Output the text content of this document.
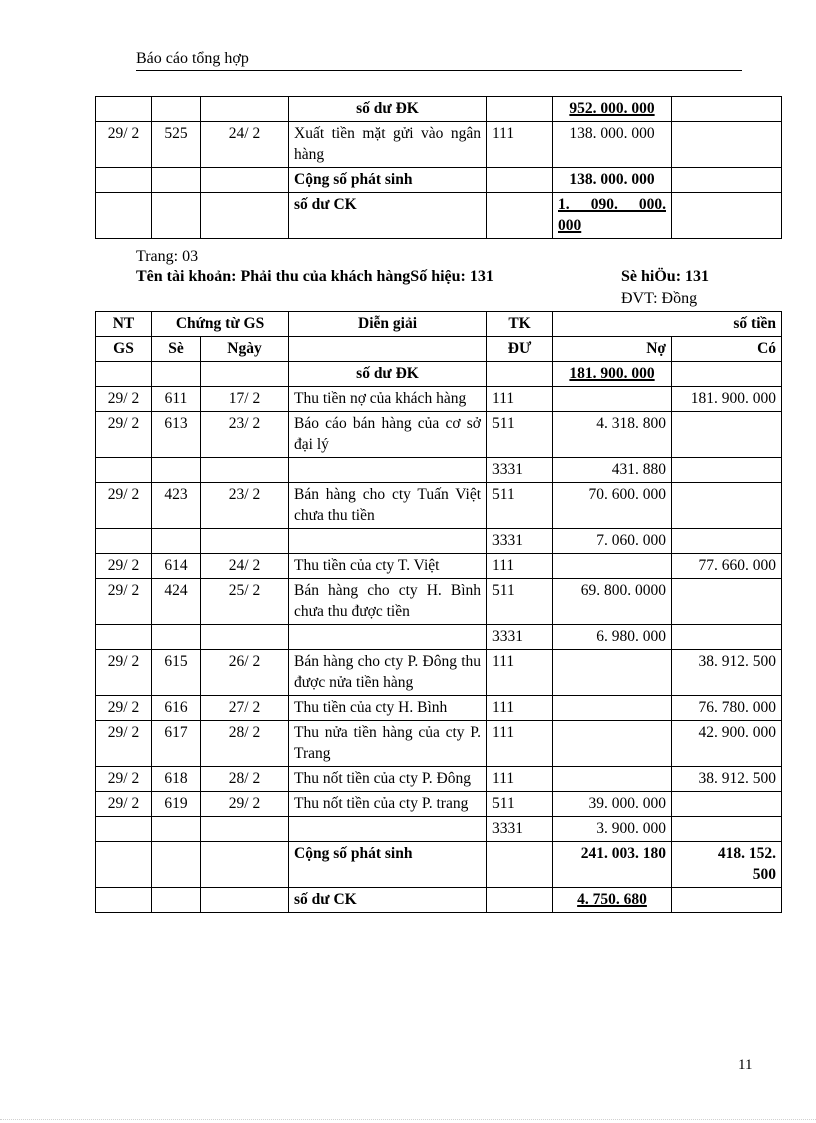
Báo cáo tổng hợp
			số dư ĐK		952. 000. 000	
29/ 2	525	24/ 2	Xuất tiền mặt gửi vào ngân hàng	111	138. 000. 000	
			Cộng số phát sinh		138. 000. 000	
			số dư CK		1. 090. 000. 000	
Trang: 03
Tên tài khoản: Phải thu của khách hàngSố hiệu: 131	Sè hiÖu: 131
ĐVT: Đồng
NT	Chứng từ GS		Diễn giải	TK	số tiền	
GS	Sè	Ngày		ĐƯ	Nợ	Có
			số dư ĐK		181. 900. 000	
29/ 2	611	17/ 2	Thu tiền nợ của khách hàng	111		181. 900. 000
29/ 2	613	23/ 2	Báo cáo bán hàng của cơ sở đại lý	511	4. 318. 800	
				3331	431. 880	
29/ 2	423	23/ 2	Bán hàng cho cty Tuấn Việt chưa thu tiền	511	70. 600. 000	
				3331	7. 060. 000	
29/ 2	614	24/ 2	Thu tiền của cty T. Việt	111		77. 660. 000
29/ 2	424	25/ 2	Bán hàng cho cty H. Bình chưa thu được tiền	511	69. 800. 0000	
				3331	6. 980. 000	
29/ 2	615	26/ 2	Bán hàng cho cty P. Đông thu được nửa tiền hàng	111		38. 912. 500
29/ 2	616	27/ 2	Thu tiền của cty H. Bình	111		76. 780. 000
29/ 2	617	28/ 2	Thu nửa tiền hàng của cty P. Trang	111		42. 900. 000
29/ 2	618	28/ 2	Thu nốt tiền của cty P. Đông	111		38. 912. 500
29/ 2	619	29/ 2	Thu nốt tiền của cty P. trang	511	39. 000. 000	
				3331	3. 900. 000	
			Cộng số phát sinh		241. 003. 180	418. 152. 500
			số dư CK		4. 750. 680	
11
